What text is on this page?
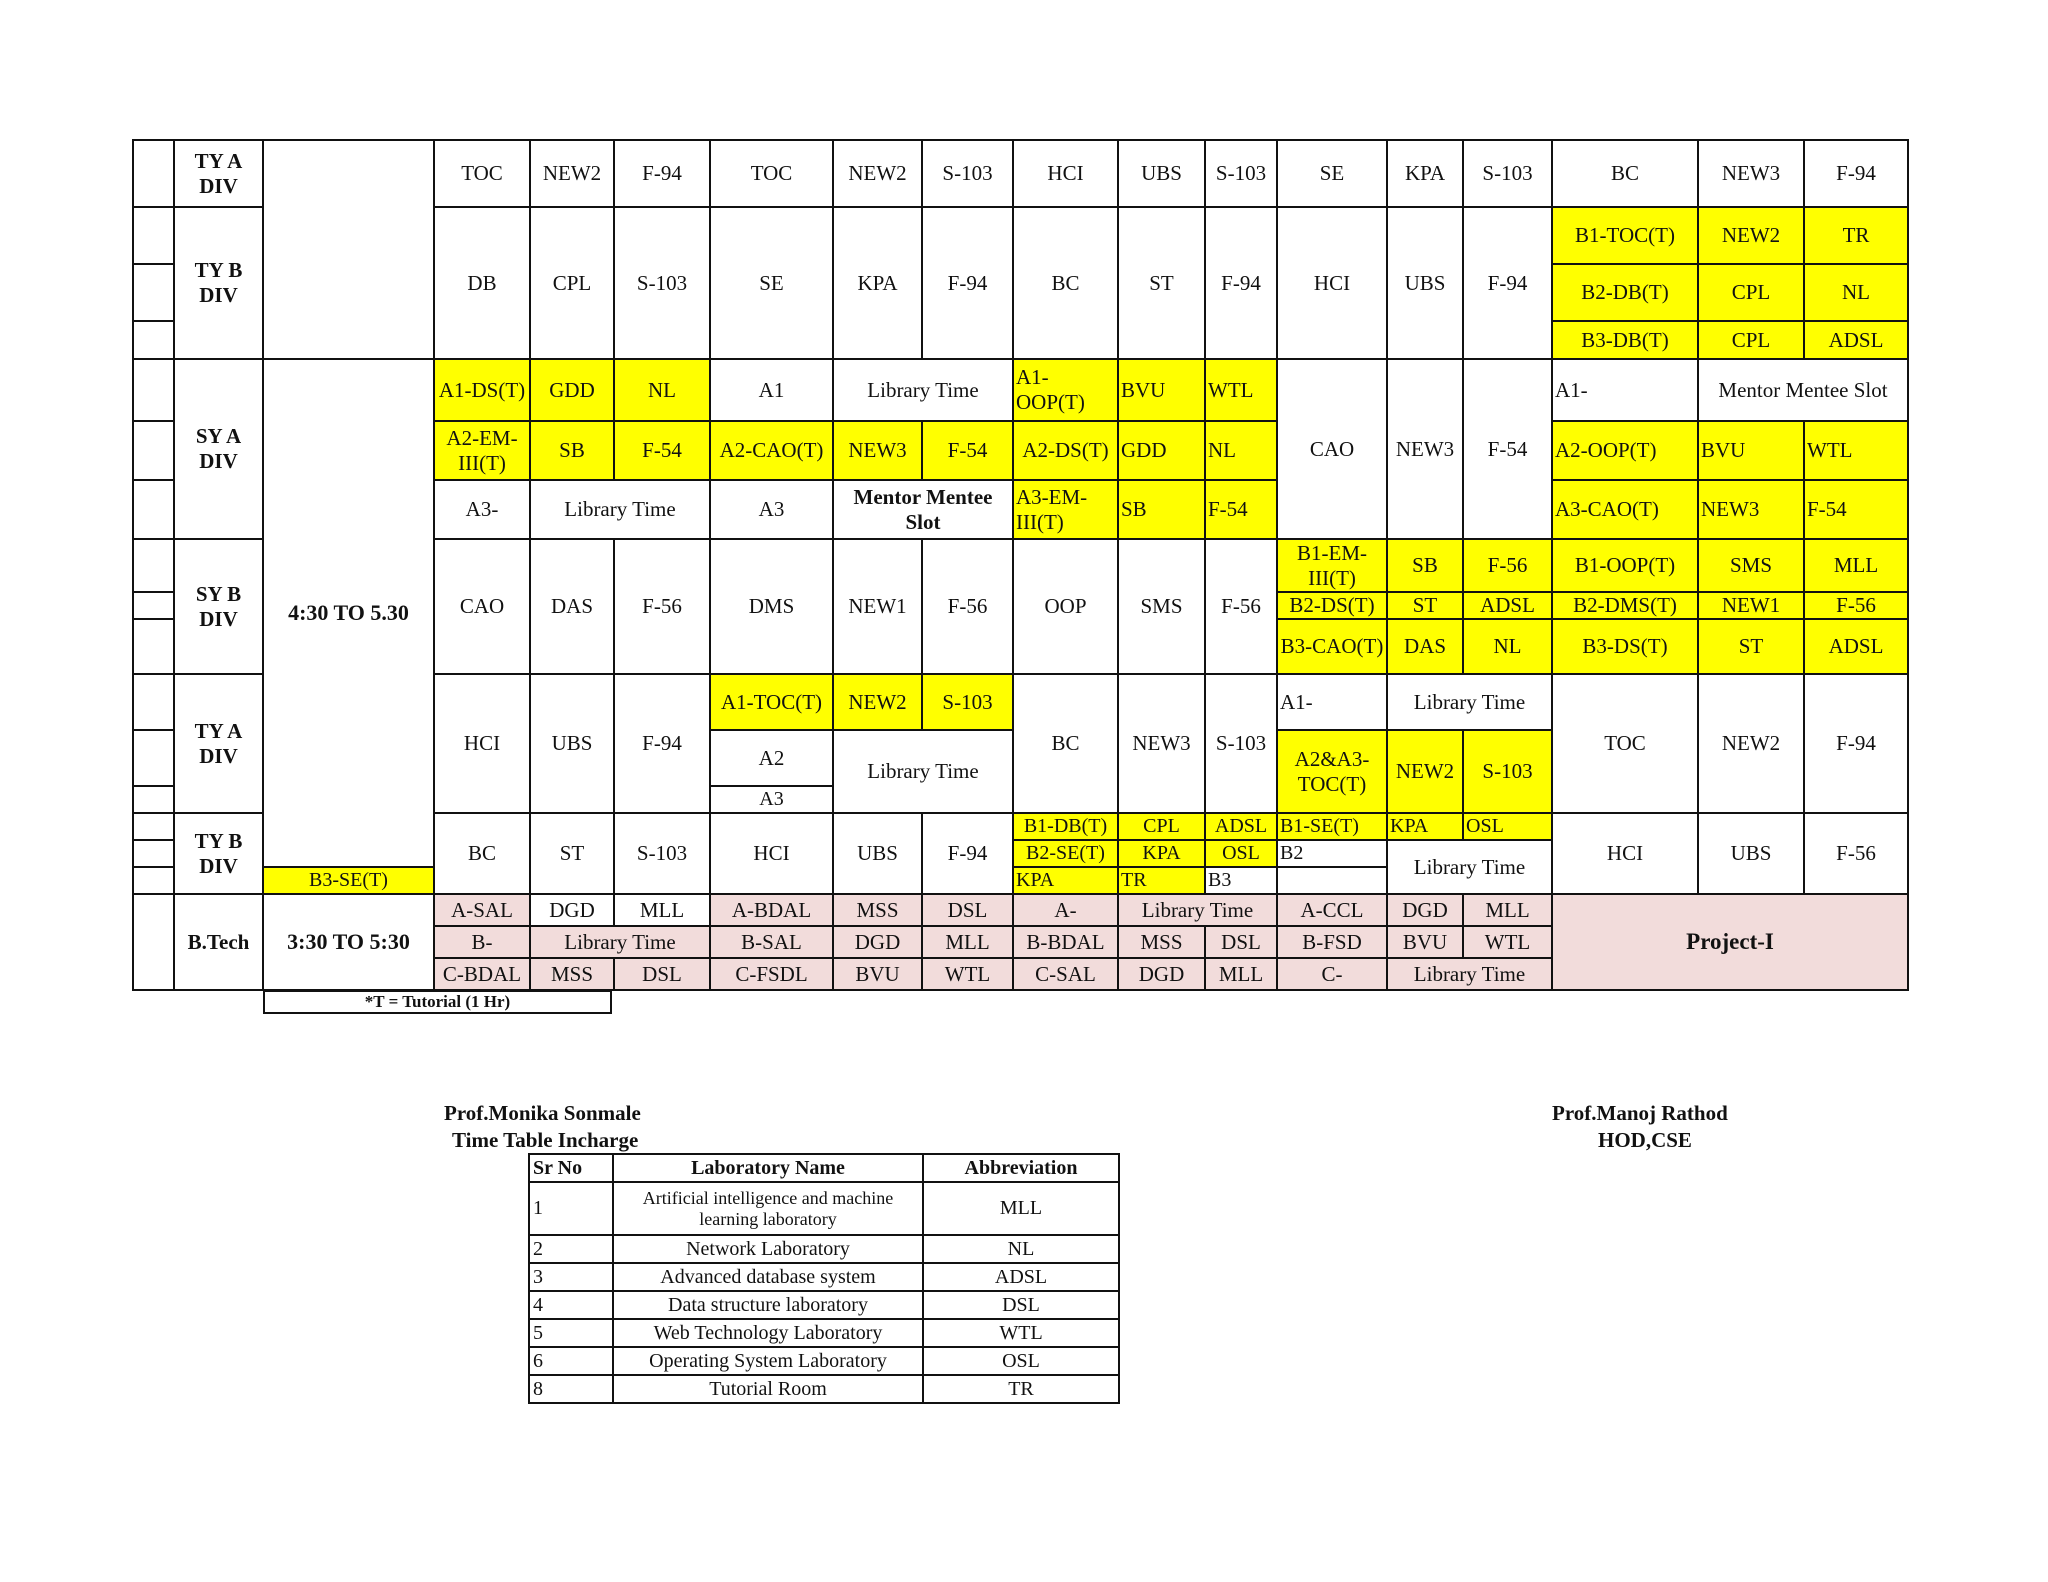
	TY A DIV		TOC	NEW2	F-94	TOC	NEW2	S-103	HCI	UBS	S-103	SE	KPA	S-103	BC	NEW3	F-94
	TY B DIV		DB	CPL	S-103	SE	KPA	F-94	BC	ST	F-94	HCI	UBS	F-94	B1-TOC(T)	NEW2	TR
															B2-DB(T)	CPL	NL
															B3-DB(T)	CPL	ADSL
	SY A DIV	4:30 TO 5.30	A1-DS(T)	GDD	NL	A1	Library Time		A1-OOP(T)	BVU	WTL	CAO	NEW3	F-54	A1-	Mentor Mentee Slot	
			A2-EM-III(T)	SB	F-54	A2-CAO(T)	NEW3	F-54	A2-DS(T)	GDD	NL				A2-OOP(T)	BVU	WTL
			A3-	Library Time		A3	Mentor Mentee Slot		A3-EM-III(T)	SB	F-54				A3-CAO(T)	NEW3	F-54
	SY B DIV		CAO	DAS	F-56	DMS	NEW1	F-56	OOP	SMS	F-56	B1-EM-III(T)	SB	F-56	B1-OOP(T)	SMS	MLL
												B2-DS(T)	ST	ADSL	B2-DMS(T)	NEW1	F-56
												B3-CAO(T)	DAS	NL	B3-DS(T)	ST	ADSL
	TY A DIV		HCI	UBS	F-94	A1-TOC(T)	NEW2	S-103	BC	NEW3	S-103	A1-	Library Time		TOC	NEW2	F-94
						A2	Library Time					A2&A3-TOC(T)	NEW2	S-103			
						A3											
	TY B DIV		BC	ST	S-103	HCI	UBS	F-94	B1-DB(T)	CPL	ADSL	B1-SE(T)	KPA	OSL	HCI	UBS	F-56
									B2-SE(T)	KPA	OSL	B2	Library Time				
		B3-SE(T)							KPA	TR	B3						
	B.Tech	3:30 TO 5:30	A-SAL	DGD	MLL	A-BDAL	MSS	DSL	A-	Library Time		A-CCL	DGD	MLL	Project-I		
			B-	Library Time		B-SAL	DGD	MLL	B-BDAL	MSS	DSL	B-FSD	BVU	WTL			
			C-BDAL	MSS	DSL	C-FSDL	BVU	WTL	C-SAL	DGD	MLL	C-	Library Time				
*T = Tutorial (1 Hr)
Prof.Monika Sonmale
Time Table Incharge
Prof.Manoj Rathod
HOD,CSE
Sr No	Laboratory Name	Abbreviation
1	Artificial intelligence and machine learning laboratory	MLL
2	Network Laboratory	NL
3	Advanced database system	ADSL
4	Data structure laboratory	DSL
5	Web Technology Laboratory	WTL
6	Operating System Laboratory	OSL
8	Tutorial Room	TR
